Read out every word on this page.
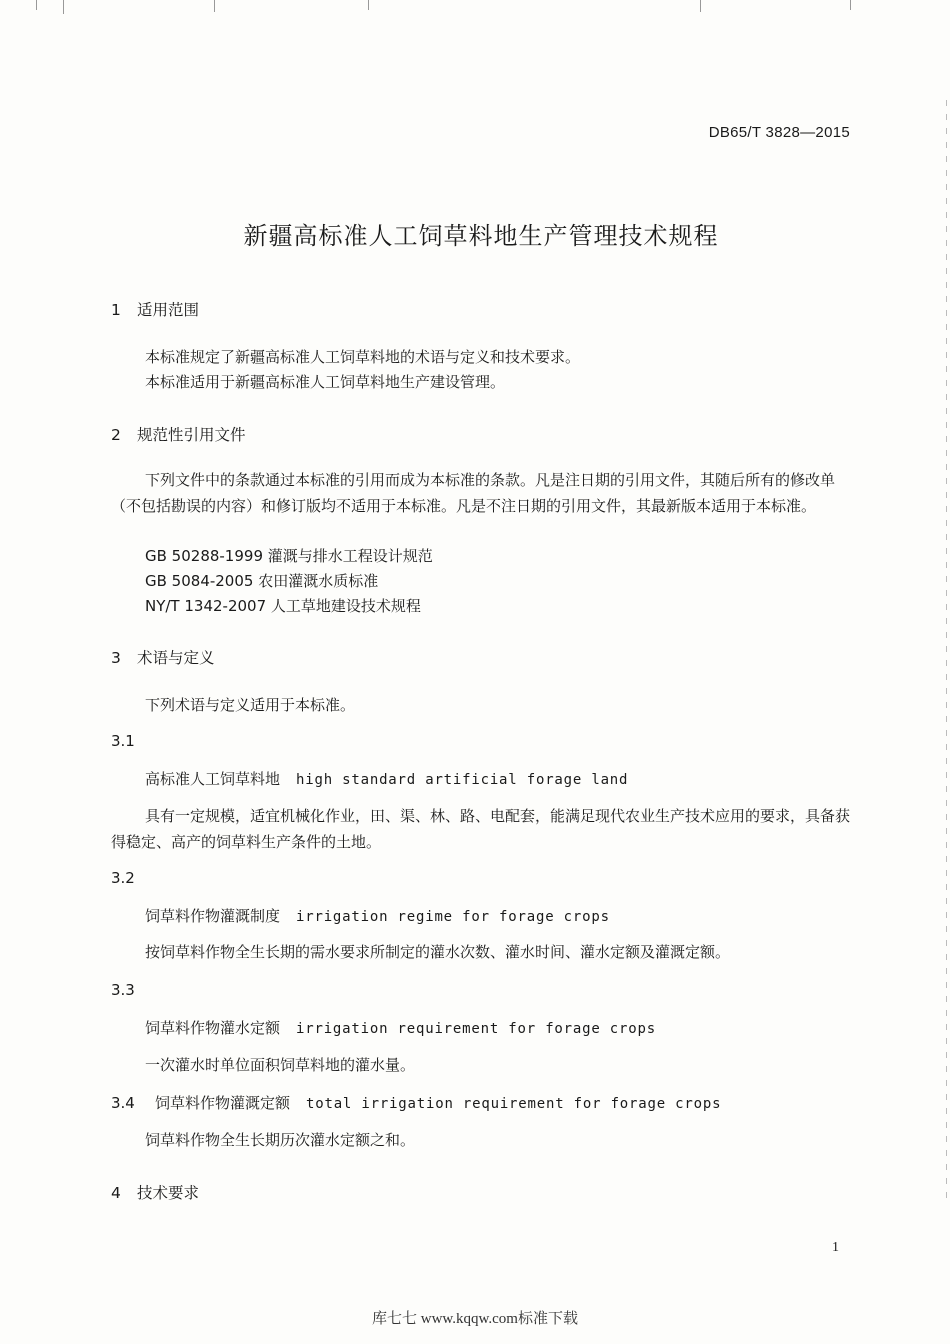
DB65/T 3828—2015
新疆高标准人工饲草料地生产管理技术规程
1 适用范围
本标准规定了新疆高标准人工饲草料地的术语与定义和技术要求。
本标准适用于新疆高标准人工饲草料地生产建设管理。
2 规范性引用文件
下列文件中的条款通过本标准的引用而成为本标准的条款。凡是注日期的引用文件，其随后所有的修改单（不包括勘误的内容）和修订版均不适用于本标准。凡是不注日期的引用文件，其最新版本适用于本标准。
GB 50288-1999 灌溉与排水工程设计规范
GB 5084-2005 农田灌溉水质标准
NY/T 1342-2007 人工草地建设技术规程
3 术语与定义
下列术语与定义适用于本标准。
3.1
高标准人工饲草料地 high standard artificial forage land
具有一定规模，适宜机械化作业，田、渠、林、路、电配套，能满足现代农业生产技术应用的要求，具备获得稳定、高产的饲草料生产条件的土地。
3.2
饲草料作物灌溉制度 irrigation regime for forage crops
按饲草料作物全生长期的需水要求所制定的灌水次数、灌水时间、灌水定额及灌溉定额。
3.3
饲草料作物灌水定额 irrigation requirement for forage crops
一次灌水时单位面积饲草料地的灌水量。
3.4 饲草料作物灌溉定额 total irrigation requirement for forage crops
饲草料作物全生长期历次灌水定额之和。
4 技术要求
1
库七七 www.kqqw.com标准下载
